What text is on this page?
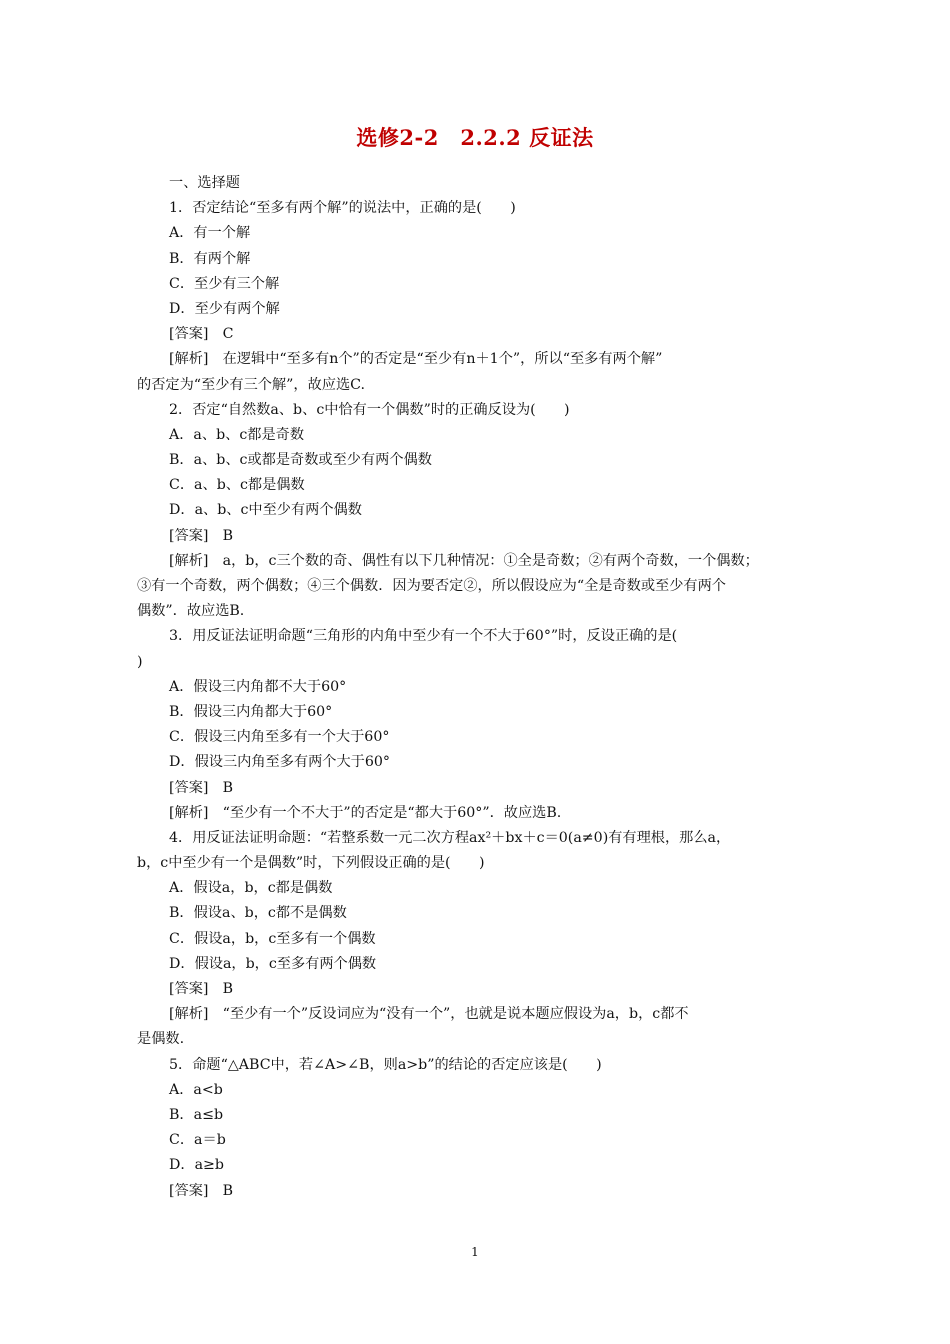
选修2-2　2.2.2 反证法
一、选择题
1．否定结论“至多有两个解”的说法中，正确的是(　　)
A．有一个解
B．有两个解
C．至少有三个解
D．至少有两个解
[答案]　C
[解析]　在逻辑中“至多有n个”的否定是“至少有n＋1个”，所以“至多有两个解”
的否定为“至少有三个解”，故应选C.
2．否定“自然数a、b、c中恰有一个偶数”时的正确反设为(　　)
A．a、b、c都是奇数
B．a、b、c或都是奇数或至少有两个偶数
C．a、b、c都是偶数
D．a、b、c中至少有两个偶数
[答案]　B
[解析]　a，b，c三个数的奇、偶性有以下几种情况：①全是奇数；②有两个奇数，一个偶数；
③有一个奇数，两个偶数；④三个偶数．因为要否定②，所以假设应为“全是奇数或至少有两个
偶数”．故应选B.
3．用反证法证明命题“三角形的内角中至少有一个不大于60°”时，反设正确的是(
)
A．假设三内角都不大于60°
B．假设三内角都大于60°
C．假设三内角至多有一个大于60°
D．假设三内角至多有两个大于60°
[答案]　B
[解析]　“至少有一个不大于”的否定是“都大于60°”．故应选B.
4．用反证法证明命题：“若整系数一元二次方程ax²＋bx＋c＝0(a≠0)有有理根，那么a，
b，c中至少有一个是偶数”时，下列假设正确的是(　　)
A．假设a，b，c都是偶数
B．假设a、b，c都不是偶数
C．假设a，b，c至多有一个偶数
D．假设a，b，c至多有两个偶数
[答案]　B
[解析]　“至少有一个”反设词应为“没有一个”，也就是说本题应假设为a，b，c都不
是偶数.
5．命题“△ABC中，若∠A>∠B，则a>b”的结论的否定应该是(　　)
A．a<b
B．a≤b
C．a＝b
D．a≥b
[答案]　B
1
